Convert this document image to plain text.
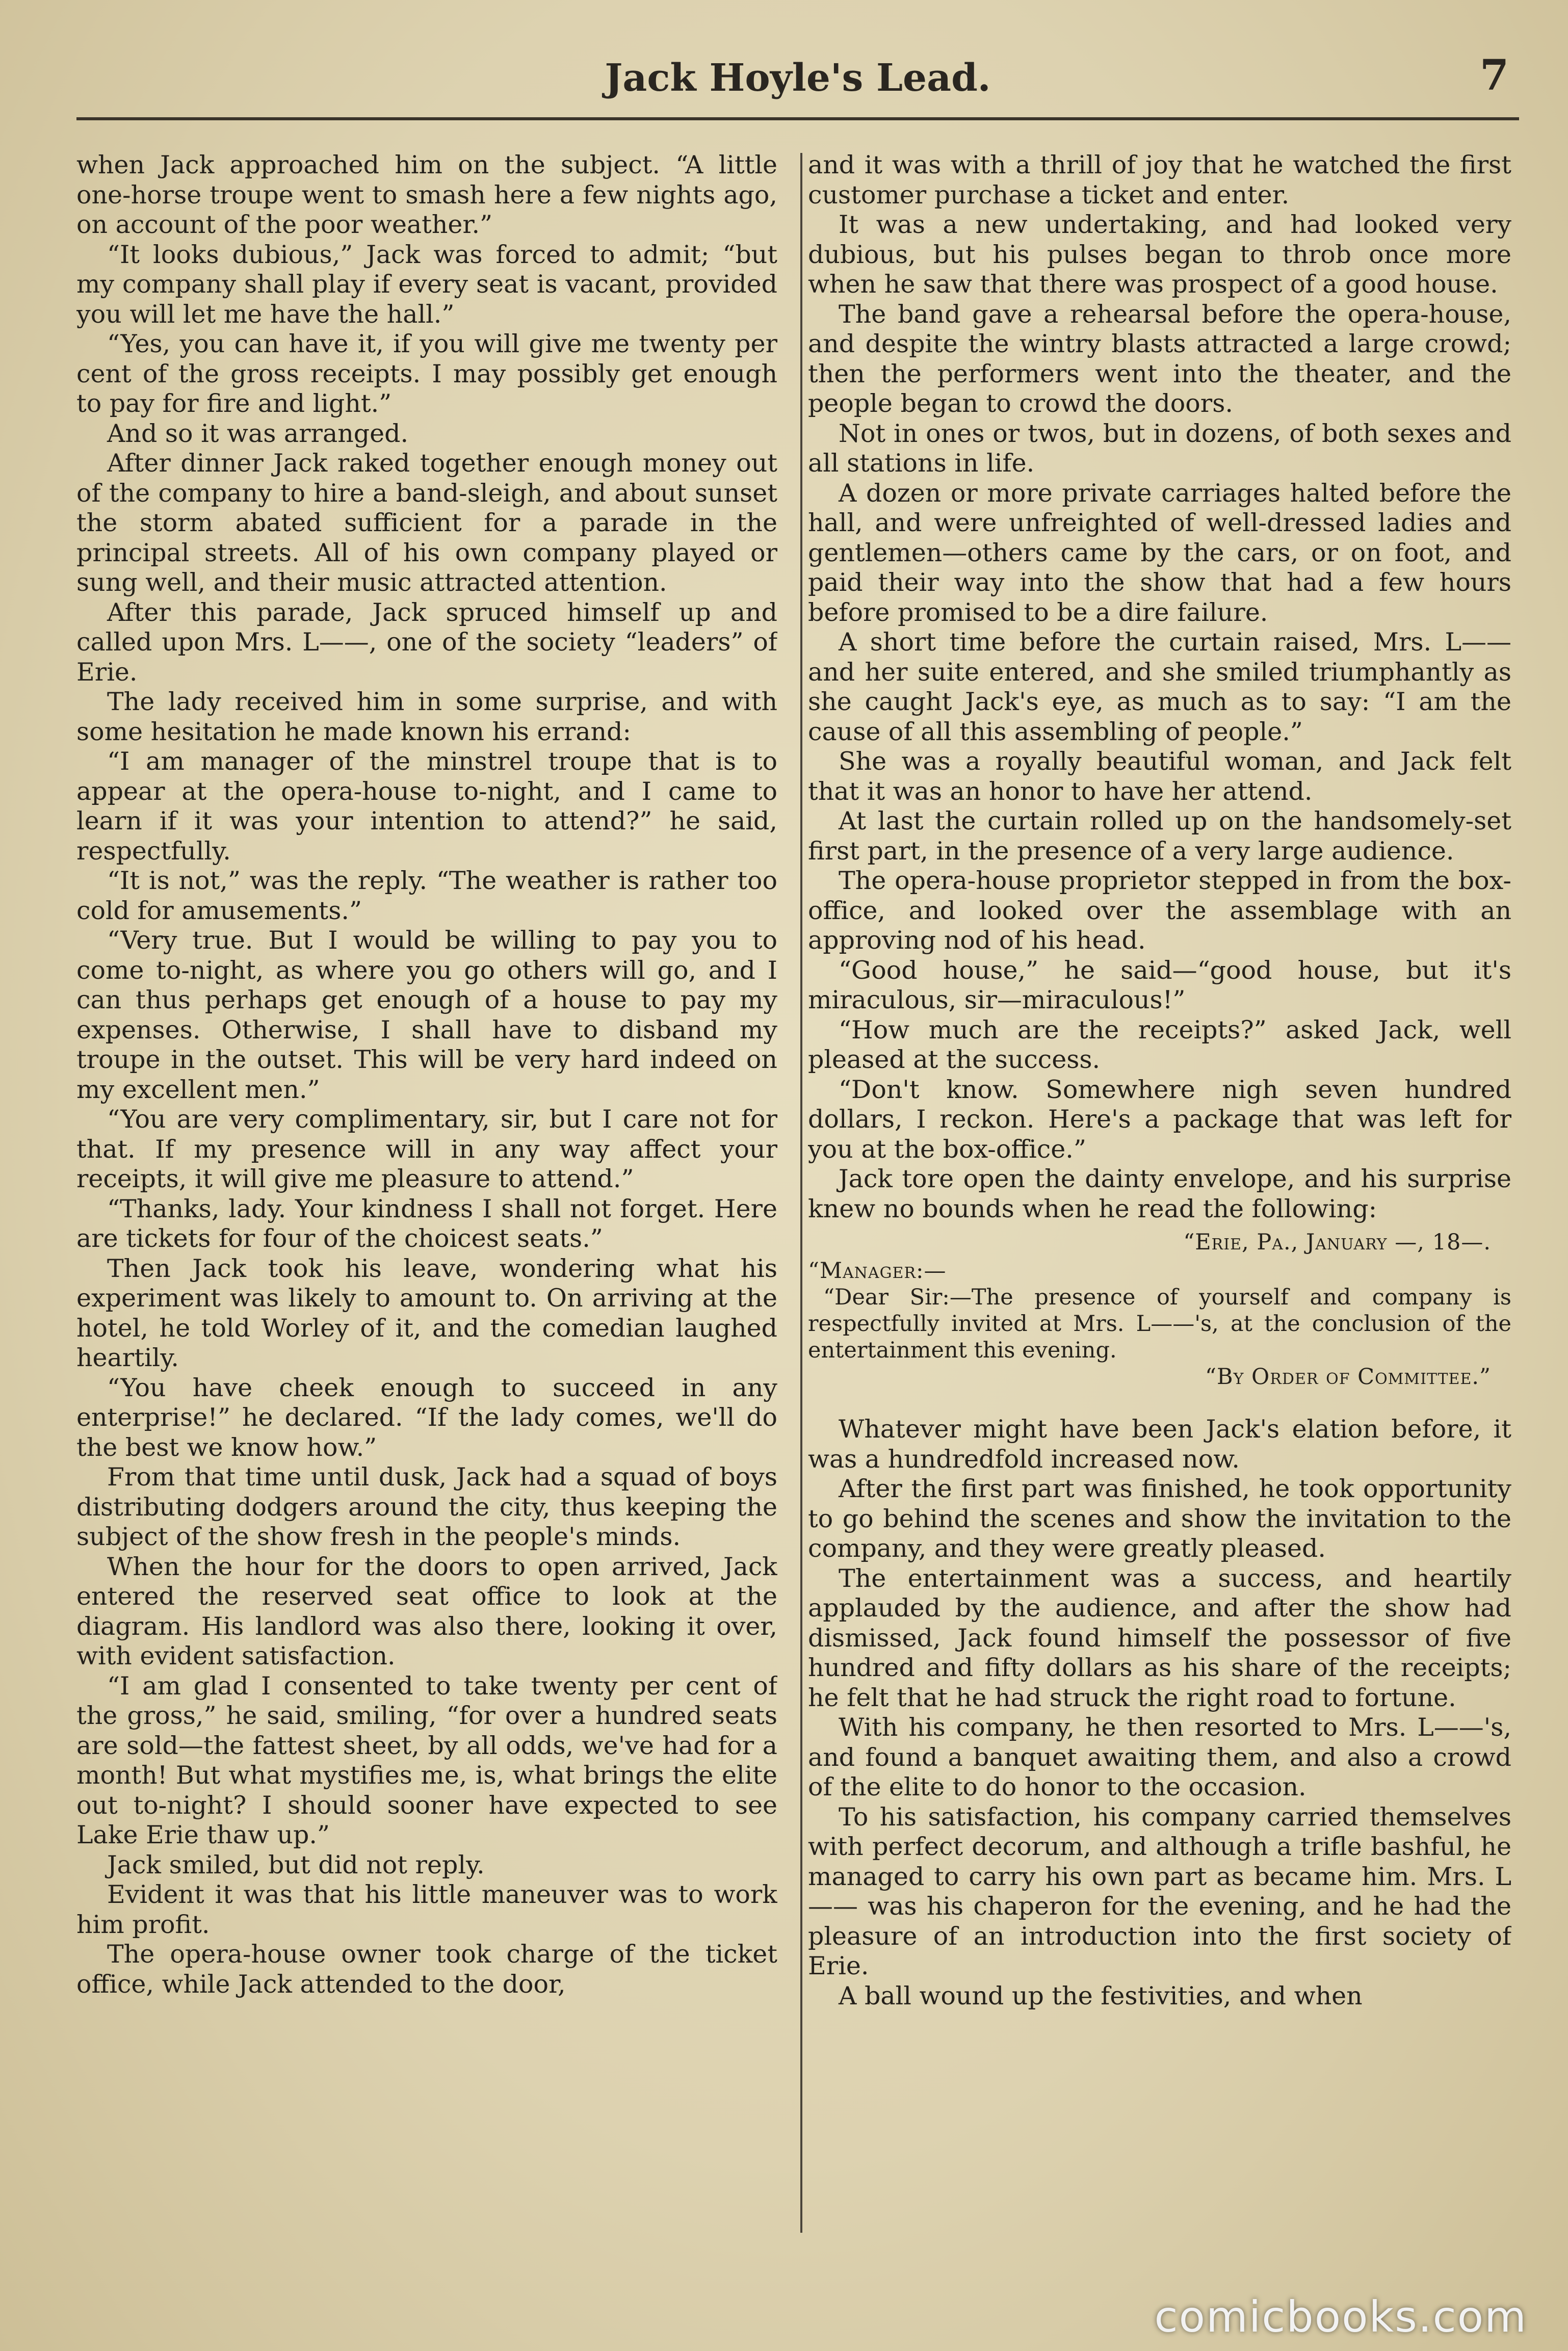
Jack Hoyle's Lead.	7

when Jack approached him on the subject. “A little one-horse troupe went to smash here a few nights ago, on account of the poor weather.”

“It looks dubious,” Jack was forced to admit; “but my company shall play if every seat is vacant, provided you will let me have the hall.”

“Yes, you can have it, if you will give me twenty per cent of the gross receipts. I may possibly get enough to pay for fire and light.”

And so it was arranged.

After dinner Jack raked together enough money out of the company to hire a band-sleigh, and about sunset the storm abated sufficient for a parade in the principal streets. All of his own company played or sung well, and their music attracted attention.

After this parade, Jack spruced himself up and called upon Mrs. L——, one of the society “leaders” of Erie.

The lady received him in some surprise, and with some hesitation he made known his errand:

“I am manager of the minstrel troupe that is to appear at the opera-house to-night, and I came to learn if it was your intention to attend?” he said, respectfully.

“It is not,” was the reply. “The weather is rather too cold for amusements.”

“Very true. But I would be willing to pay you to come to-night, as where you go others will go, and I can thus perhaps get enough of a house to pay my expenses. Otherwise, I shall have to disband my troupe in the outset. This will be very hard indeed on my excellent men.”

“You are very complimentary, sir, but I care not for that. If my presence will in any way affect your receipts, it will give me pleasure to attend.”

“Thanks, lady. Your kindness I shall not forget. Here are tickets for four of the choicest seats.”

Then Jack took his leave, wondering what his experiment was likely to amount to. On arriving at the hotel, he told Worley of it, and the comedian laughed heartily.

“You have cheek enough to succeed in any enterprise!” he declared. “If the lady comes, we'll do the best we know how.”

From that time until dusk, Jack had a squad of boys distributing dodgers around the city, thus keeping the subject of the show fresh in the people's minds.

When the hour for the doors to open arrived, Jack entered the reserved seat office to look at the diagram. His landlord was also there, looking it over, with evident satisfaction.

“I am glad I consented to take twenty per cent of the gross,” he said, smiling, “for over a hundred seats are sold—the fattest sheet, by all odds, we've had for a month! But what mystifies me, is, what brings the elite out to-night? I should sooner have expected to see Lake Erie thaw up.”

Jack smiled, but did not reply.

Evident it was that his little maneuver was to work him profit.

The opera-house owner took charge of the ticket office, while Jack attended to the door,

and it was with a thrill of joy that he watched the first customer purchase a ticket and enter.

It was a new undertaking, and had looked very dubious, but his pulses began to throb once more when he saw that there was prospect of a good house.

The band gave a rehearsal before the opera-house, and despite the wintry blasts attracted a large crowd; then the performers went into the theater, and the people began to crowd the doors.

Not in ones or twos, but in dozens, of both sexes and all stations in life.

A dozen or more private carriages halted before the hall, and were unfreighted of well-dressed ladies and gentlemen—others came by the cars, or on foot, and paid their way into the show that had a few hours before promised to be a dire failure.

A short time before the curtain raised, Mrs. L—— and her suite entered, and she smiled triumphantly as she caught Jack's eye, as much as to say: “I am the cause of all this assembling of people.”

She was a royally beautiful woman, and Jack felt that it was an honor to have her attend.

At last the curtain rolled up on the handsomely-set first part, in the presence of a very large audience.

The opera-house proprietor stepped in from the box-office, and looked over the assemblage with an approving nod of his head.

“Good house,” he said—“good house, but it's miraculous, sir—miraculous!”

“How much are the receipts?” asked Jack, well pleased at the success.

“Don't know. Somewhere nigh seven hundred dollars, I reckon. Here's a package that was left for you at the box-office.”

Jack tore open the dainty envelope, and his surprise knew no bounds when he read the following:

“Erie, Pa., January —, 18—.
“Manager:—
“Dear Sir:—The presence of yourself and company is respectfully invited at Mrs. L——'s, at the conclusion of the entertainment this evening.
“By Order of Committee.”

Whatever might have been Jack's elation before, it was a hundredfold increased now.

After the first part was finished, he took opportunity to go behind the scenes and show the invitation to the company, and they were greatly pleased.

The entertainment was a success, and heartily applauded by the audience, and after the show had dismissed, Jack found himself the possessor of five hundred and fifty dollars as his share of the receipts; he felt that he had struck the right road to fortune.

With his company, he then resorted to Mrs. L——'s, and found a banquet awaiting them, and also a crowd of the elite to do honor to the occasion.

To his satisfaction, his company carried themselves with perfect decorum, and although a trifle bashful, he managed to carry his own part as became him. Mrs. L—— was his chaperon for the evening, and he had the pleasure of an introduction into the first society of Erie.

A ball wound up the festivities, and when

comicbooks.com
